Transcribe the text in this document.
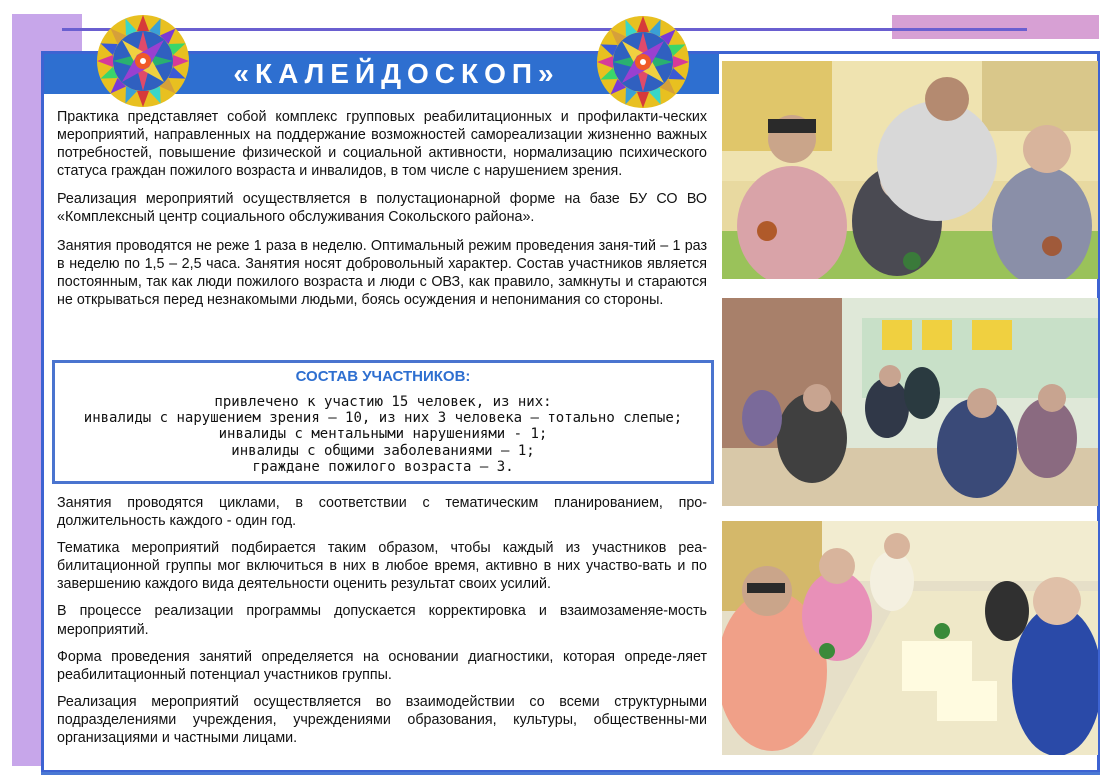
«КАЛЕЙДОСКОП»

Практика представляет собой комплекс групповых реабилитационных и профилакти-ческих мероприятий, направленных на поддержание возможностей самореализации жизненно важных потребностей, повышение физической и социальной активности, нормализацию психического статуса граждан пожилого возраста и инвалидов, в том числе с нарушением зрения.

Реализация мероприятий осуществляется в полустационарной форме на базе БУ СО ВО «Комплексный центр социального обслуживания Сокольского района».

Занятия проводятся не реже 1 раза в неделю. Оптимальный режим проведения заня-тий – 1 раз в неделю по 1,5 – 2,5 часа. Занятия носят добровольный характер. Состав участников является постоянным, так как люди пожилого возраста и люди с ОВЗ, как правило, замкнуты и стараются не открываться перед незнакомыми людьми, боясь осуждения и непонимания со стороны.

СОСТАВ УЧАСТНИКОВ:
привлечено к участию 15 человек, из них:
инвалиды с нарушением зрения – 10, из них 3 человека – тотально слепые;
инвалиды с ментальными нарушениями - 1;
инвалиды с общими заболеваниями – 1;
граждане пожилого возраста – 3.

Занятия проводятся циклами, в соответствии с тематическим планированием, про-должительность каждого - один год.

Тематика мероприятий подбирается таким образом, чтобы каждый из участников реа-билитационной группы мог включиться в них в любое время, активно в них участво-вать и по завершению каждого вида деятельности оценить результат своих усилий.

В процессе реализации программы допускается корректировка и взаимозаменяе-мость мероприятий.

Форма проведения занятий определяется на основании диагностики, которая опреде-ляет реабилитационный потенциал участников группы.

Реализация мероприятий осуществляется во взаимодействии со всеми структурными подразделениями учреждения, учреждениями образования, культуры, общественны-ми организациями и частными лицами.
